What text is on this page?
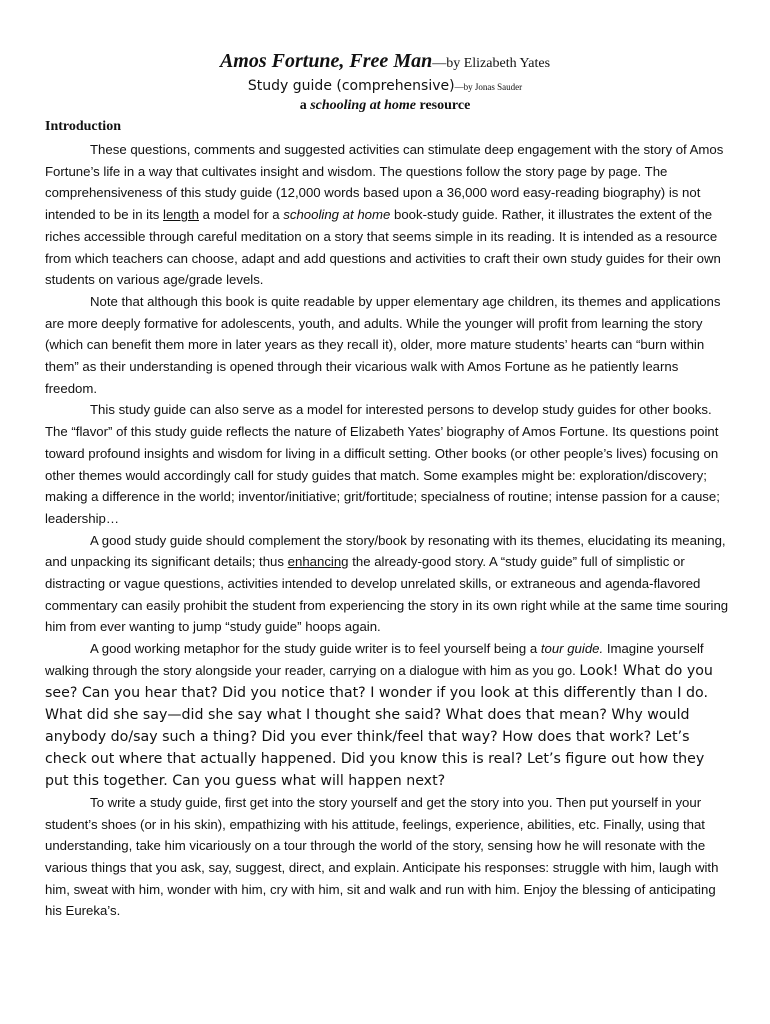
Amos Fortune, Free Man—by Elizabeth Yates
Study guide (comprehensive)—by Jonas Sauder
a schooling at home resource
Introduction

These questions, comments and suggested activities can stimulate deep engagement with the story of Amos Fortune’s life in a way that cultivates insight and wisdom. The questions follow the story page by page. The comprehensiveness of this study guide (12,000 words based upon a 36,000 word easy-reading biography) is not intended to be in its length a model for a schooling at home book-study guide. Rather, it illustrates the extent of the riches accessible through careful meditation on a story that seems simple in its reading. It is intended as a resource from which teachers can choose, adapt and add questions and activities to craft their own study guides for their own students on various age/grade levels.

Note that although this book is quite readable by upper elementary age children, its themes and applications are more deeply formative for adolescents, youth, and adults. While the younger will profit from learning the story (which can benefit them more in later years as they recall it), older, more mature students’ hearts can “burn within them” as their understanding is opened through their vicarious walk with Amos Fortune as he patiently learns freedom.

This study guide can also serve as a model for interested persons to develop study guides for other books. The “flavor” of this study guide reflects the nature of Elizabeth Yates’ biography of Amos Fortune. Its questions point toward profound insights and wisdom for living in a difficult setting. Other books (or other people’s lives) focusing on other themes would accordingly call for study guides that match. Some examples might be: exploration/discovery; making a difference in the world; inventor/initiative; grit/fortitude; specialness of routine; intense passion for a cause; leadership…

A good study guide should complement the story/book by resonating with its themes, elucidating its meaning, and unpacking its significant details; thus enhancing the already-good story. A “study guide” full of simplistic or distracting or vague questions, activities intended to develop unrelated skills, or extraneous and agenda-flavored commentary can easily prohibit the student from experiencing the story in its own right while at the same time souring him from ever wanting to jump “study guide” hoops again.

A good working metaphor for the study guide writer is to feel yourself being a tour guide. Imagine yourself walking through the story alongside your reader, carrying on a dialogue with him as you go. Look! What do you see? Can you hear that? Did you notice that? I wonder if you look at this differently than I do. What did she say—did she say what I thought she said? What does that mean? Why would anybody do/say such a thing? Did you ever think/feel that way? How does that work? Let’s check out where that actually happened. Did you know this is real? Let’s figure out how they put this together. Can you guess what will happen next?

To write a study guide, first get into the story yourself and get the story into you. Then put yourself in your student’s shoes (or in his skin), empathizing with his attitude, feelings, experience, abilities, etc. Finally, using that understanding, take him vicariously on a tour through the world of the story, sensing how he will resonate with the various things that you ask, say, suggest, direct, and explain. Anticipate his responses: struggle with him, laugh with him, sweat with him, wonder with him, cry with him, sit and walk and run with him. Enjoy the blessing of anticipating his Eureka’s.
